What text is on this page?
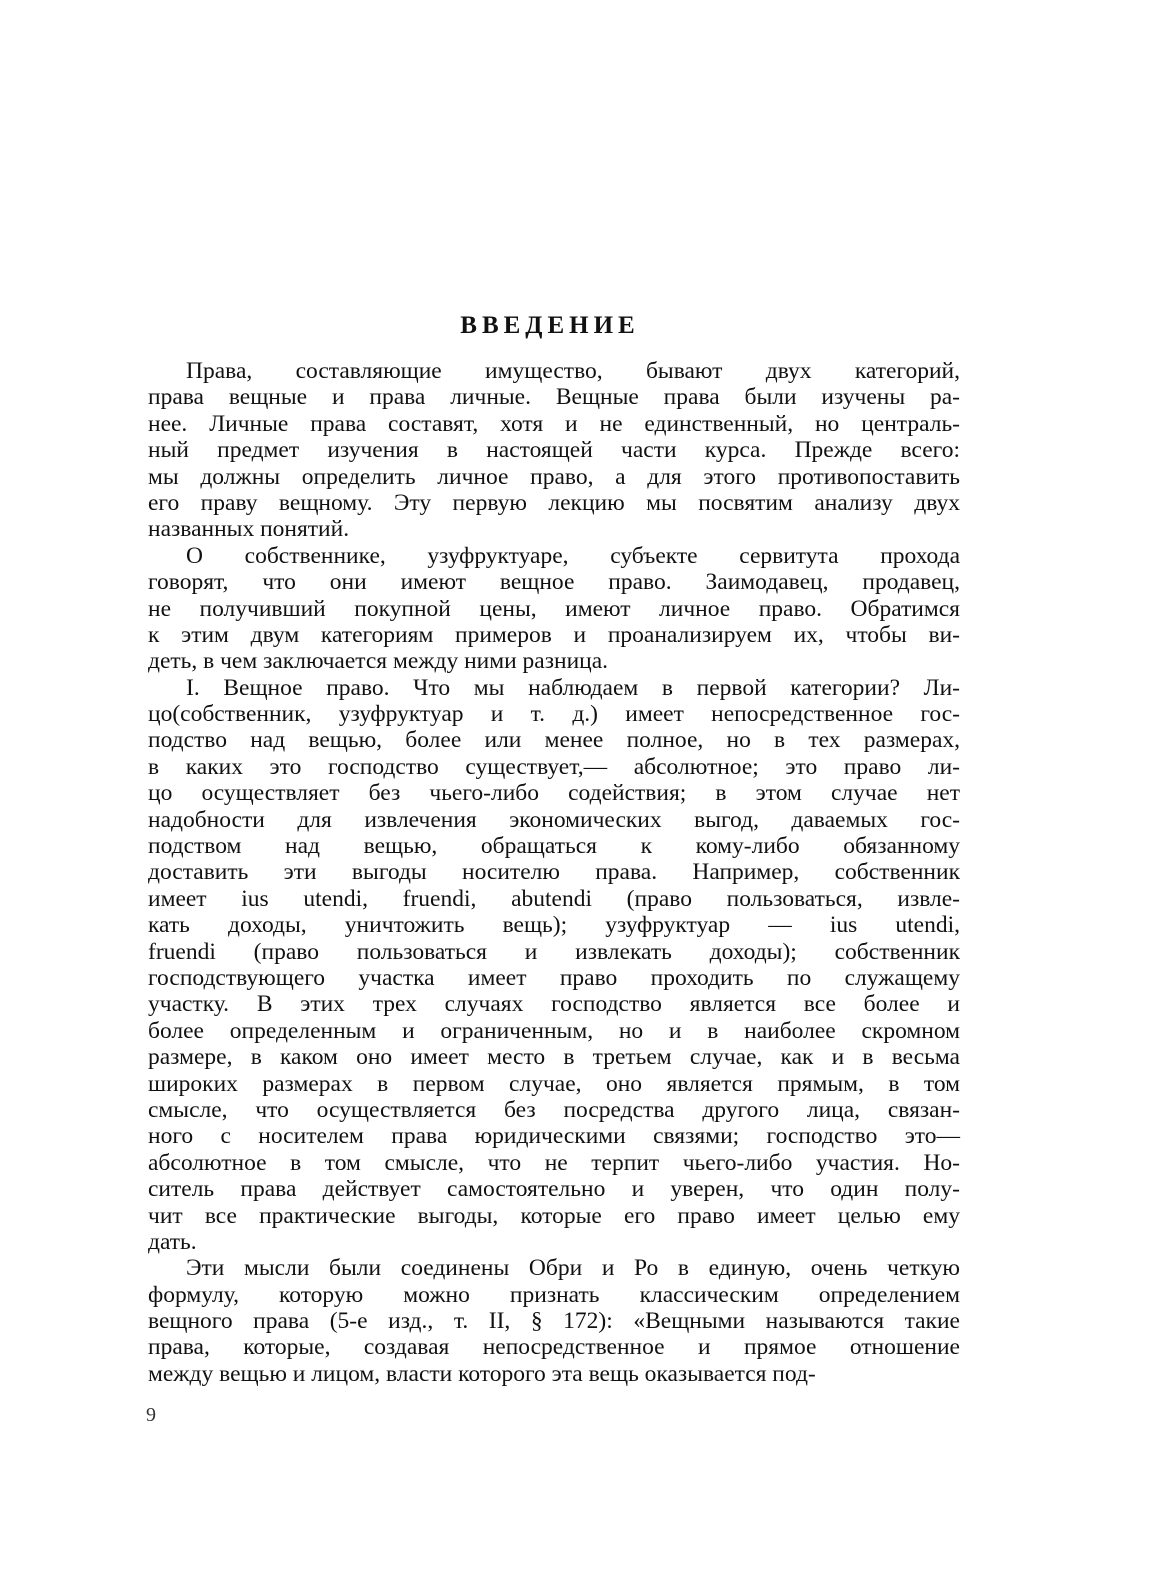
ВВЕДЕНИЕ
Права, составляющие имущество, бывают двух категорий,
права вещные и права личные. Вещные права были изучены ра-
нее. Личные права составят, хотя и не единственный, но централь-
ный предмет изучения в настоящей части курса. Прежде всего:
мы должны определить личное право, а для этого противопоставить
его праву вещному. Эту первую лекцию мы посвятим анализу двух
названных понятий.
О собственнике, узуфруктуаре, субъекте сервитута прохода
говорят, что они имеют вещное право. Заимодавец, продавец,
не получивший покупной цены, имеют личное право. Обратимся
к этим двум категориям примеров и проанализируем их, чтобы ви-
деть, в чем заключается между ними разница.
I. Вещное право. Что мы наблюдаем в первой категории? Ли-
цо(собственник, узуфруктуар и т. д.) имеет непосредственное гос-
подство над вещью, более или менее полное, но в тех размерах,
в каких это господство существует,— абсолютное; это право ли-
цо осуществляет без чьего-либо содействия; в этом случае нет
надобности для извлечения экономических выгод, даваемых гос-
подством над вещью, обращаться к кому-либо обязанному
доставить эти выгоды носителю права. Например, собственник
имеет ius utendi, fruendi, abutendi (право пользоваться, извле-
кать доходы, уничтожить вещь); узуфруктуар — ius utendi,
fruendi (право пользоваться и извлекать доходы); собственник
господствующего участка имеет право проходить по служащему
участку. В этих трех случаях господство является все более и
более определенным и ограниченным, но и в наиболее скромном
размере, в каком оно имеет место в третьем случае, как и в весьма
широких размерах в первом случае, оно является прямым, в том
смысле, что осуществляется без посредства другого лица, связан-
ного с носителем права юридическими связями; господство это—
абсолютное в том смысле, что не терпит чьего-либо участия. Но-
ситель права действует самостоятельно и уверен, что один полу-
чит все практические выгоды, которые его право имеет целью ему
дать.
Эти мысли были соединены Обри и Ро в единую, очень четкую
формулу, которую можно признать классическим определением
вещного права (5-е изд., т. II, § 172): «Вещными называются такие
права, которые, создавая непосредственное и прямое отношение
между вещью и лицом, власти которого эта вещь оказывается под-
9
